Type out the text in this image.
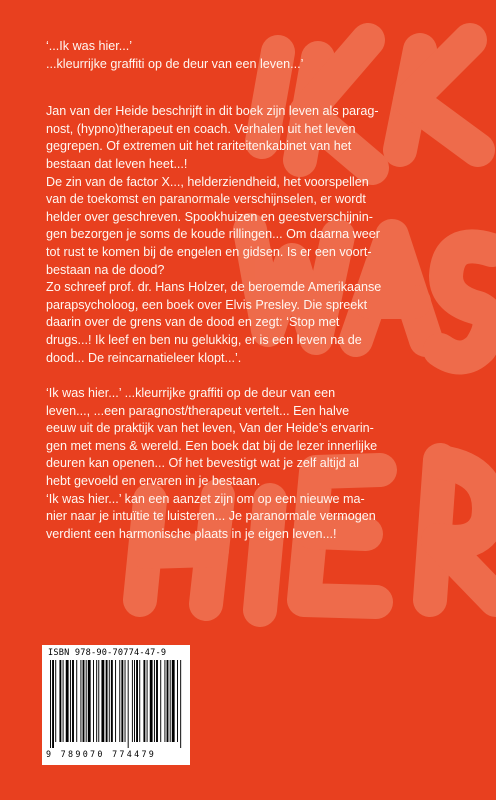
‘...Ik was hier...’

...kleurrijke graffiti op de deur van een leven...’

Jan van der Heide beschrijft in dit boek zijn leven als parag-

nost, (hypno)therapeut en coach. Verhalen uit het leven

gegrepen. Of extremen uit het rariteitenkabinet van het

bestaan dat leven heet...!

De zin van de factor X..., helderziendheid, het voorspellen

van de toekomst en paranormale verschijnselen, er wordt

helder over geschreven. Spookhuizen en geestverschijnin-

gen bezorgen je soms de koude rillingen... Om daarna weer

tot rust te komen bij de engelen en gidsen. Is er een voort-

bestaan na de dood?

Zo schreef prof. dr. Hans Holzer, de beroemde Amerikaanse

parapsycholoog, een boek over Elvis Presley. Die spreekt

daarin over de grens van de dood en zegt: ‘Stop met

drugs...! Ik leef en ben nu gelukkig, er is een leven na de

dood... De reincarnatieleer klopt...’.

‘Ik was hier...’ ...kleurrijke graffiti op de deur van een

leven..., ...een paragnost/therapeut vertelt... Een halve

eeuw uit de praktijk van het leven, Van der Heide’s ervarin-

gen met mens & wereld. Een boek dat bij de lezer innerlijke

deuren kan openen... Of het bevestigt wat je zelf altijd al

hebt gevoeld en ervaren in je bestaan.

‘Ik was hier...’ kan een aanzet zijn om op een nieuwe ma-

nier naar je intuïtie te luisteren... Je paranormale vermogen

verdient een harmonische plaats in je eigen leven...!

ISBN 978-90-70774-47-9
9 789070 774479
